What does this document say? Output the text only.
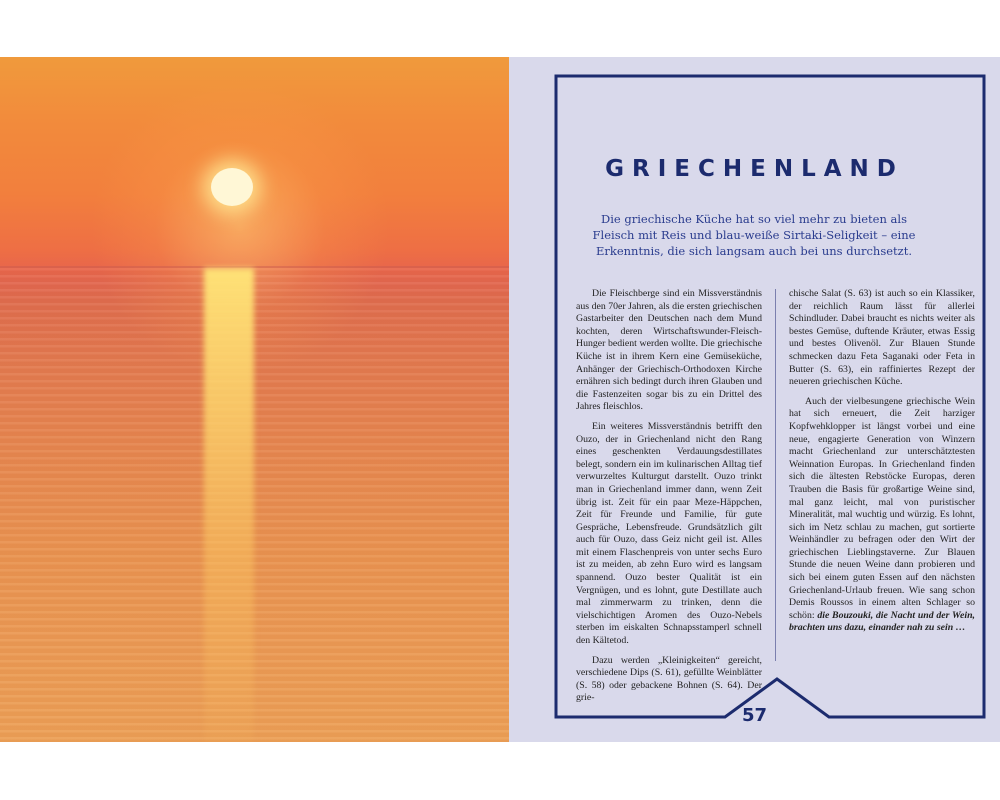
GRIECHENLAND

Die griechische Küche hat so viel mehr zu bieten als Fleisch mit Reis und blau-weiße Sirtaki-Seligkeit – eine Erkenntnis, die sich langsam auch bei uns durchsetzt.

Die Fleischberge sind ein Missverständnis aus den 70er Jahren, als die ersten griechischen Gastarbeiter den Deutschen nach dem Mund kochten, deren Wirtschaftswunder-Fleisch-Hunger bedient werden wollte. Die griechische Küche ist in ihrem Kern eine Gemüseküche, Anhänger der Griechisch-Orthodoxen Kirche ernähren sich bedingt durch ihren Glauben und die Fastenzeiten sogar bis zu ein Drittel des Jahres fleischlos.

Ein weiteres Missverständnis betrifft den Ouzo, der in Griechenland nicht den Rang eines geschenkten Verdauungsdestillates belegt, sondern ein im kulinarischen Alltag tief verwurzeltes Kulturgut darstellt. Ouzo trinkt man in Griechenland immer dann, wenn Zeit übrig ist. Zeit für ein paar Meze-Häppchen, Zeit für Freunde und Familie, für gute Gespräche, Lebensfreude. Grundsätzlich gilt auch für Ouzo, dass Geiz nicht geil ist. Alles mit einem Flaschenpreis von unter sechs Euro ist zu meiden, ab zehn Euro wird es langsam spannend. Ouzo bester Qualität ist ein Vergnügen, und es lohnt, gute Destillate auch mal zimmerwarm zu trinken, denn die vielschichtigen Aromen des Ouzo-Nebels sterben im eiskalten Schnapsstamperl schnell den Kältetod.

Dazu werden „Kleinigkeiten“ gereicht, verschiedene Dips (S. 61), gefüllte Weinblätter (S. 58) oder gebackene Bohnen (S. 64). Der grie-

chische Salat (S. 63) ist auch so ein Klassiker, der reichlich Raum lässt für allerlei Schindluder. Dabei braucht es nichts weiter als bestes Gemüse, duftende Kräuter, etwas Essig und bestes Olivenöl. Zur Blauen Stunde schmecken dazu Feta Saganaki oder Feta in Butter (S. 63), ein raffiniertes Rezept der neueren griechischen Küche.

Auch der vielbesungene griechische Wein hat sich erneuert, die Zeit harziger Kopfwehklopper ist längst vorbei und eine neue, engagierte Generation von Winzern macht Griechenland zur unterschätztesten Weinnation Europas. In Griechenland finden sich die ältesten Rebstöcke Europas, deren Trauben die Basis für großartige Weine sind, mal ganz leicht, mal von puristischer Mineralität, mal wuchtig und würzig. Es lohnt, sich im Netz schlau zu machen, gut sortierte Weinhändler zu befragen oder den Wirt der griechischen Lieblingstaverne. Zur Blauen Stunde die neuen Weine dann probieren und sich bei einem guten Essen auf den nächsten Griechenland-Urlaub freuen. Wie sang schon Demis Roussos in einem alten Schlager so schön: die Bouzouki, die Nacht und der Wein, brachten uns dazu, einander nah zu sein …

57
